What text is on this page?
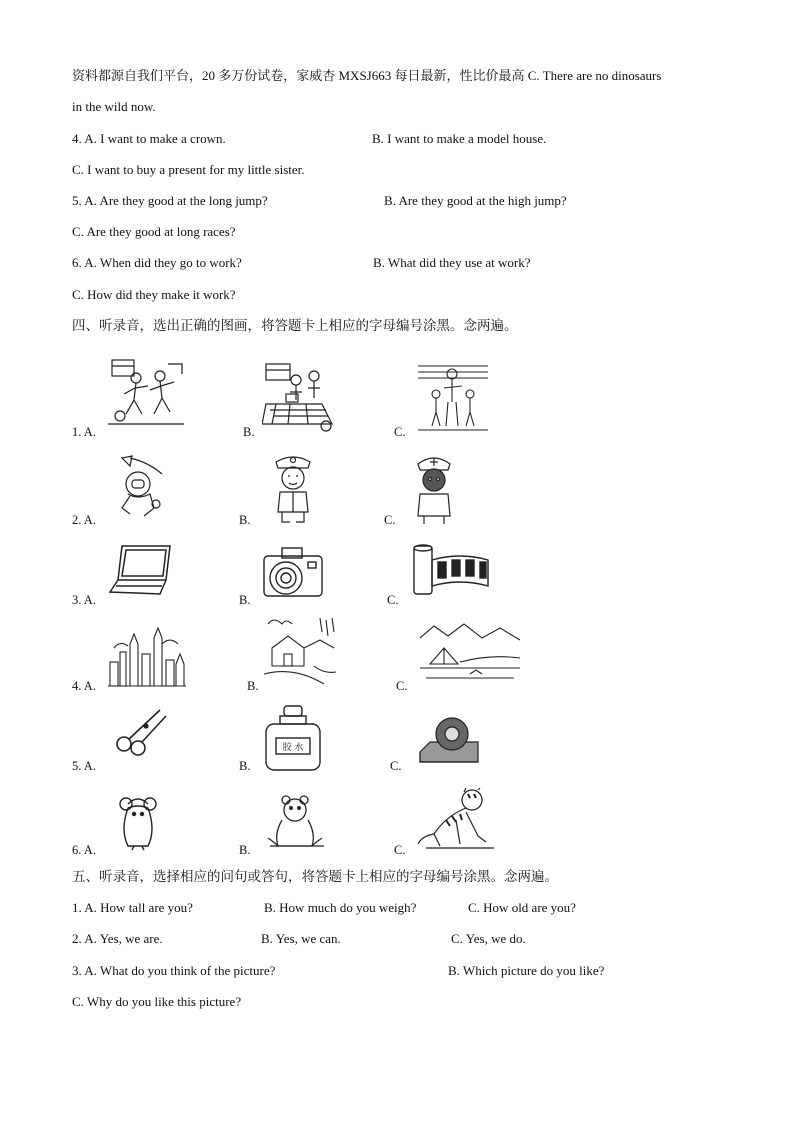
资料都源自我们平台，20 多万份试卷，家威杏 MXSJ663 每日最新，性比价最高 C. There are no dinosaurs
in the wild now.
4. A. I want to make a crown.	B. I want to make a model house.
C. I want to buy a present for my little sister.
5. A. Are they good at the long jump?	B. Are they good at the high jump?
C. Are they good at long races?
6. A. When did they go to work?	B. What did they use at work?
C. How did they make it work?
四、听录音，选出正确的图画，将答题卡上相应的字母编号涂黑。念两遍。
1. A.	B.	C.
2. A.	B.	C.
3. A.	B.	C.
4. A.	B.	C.
5. A.	B.	C.
胶 水
6. A.	B.	C.
五、听录音，选择相应的问句或答句，将答题卡上相应的字母编号涂黑。念两遍。
1. A. How tall are you?	B. How much do you weigh?	C. How old are you?
2. A. Yes, we are.	B. Yes, we can.	C. Yes, we do.
3. A. What do you think of the picture?	B. Which picture do you like?
C. Why do you like this picture?
